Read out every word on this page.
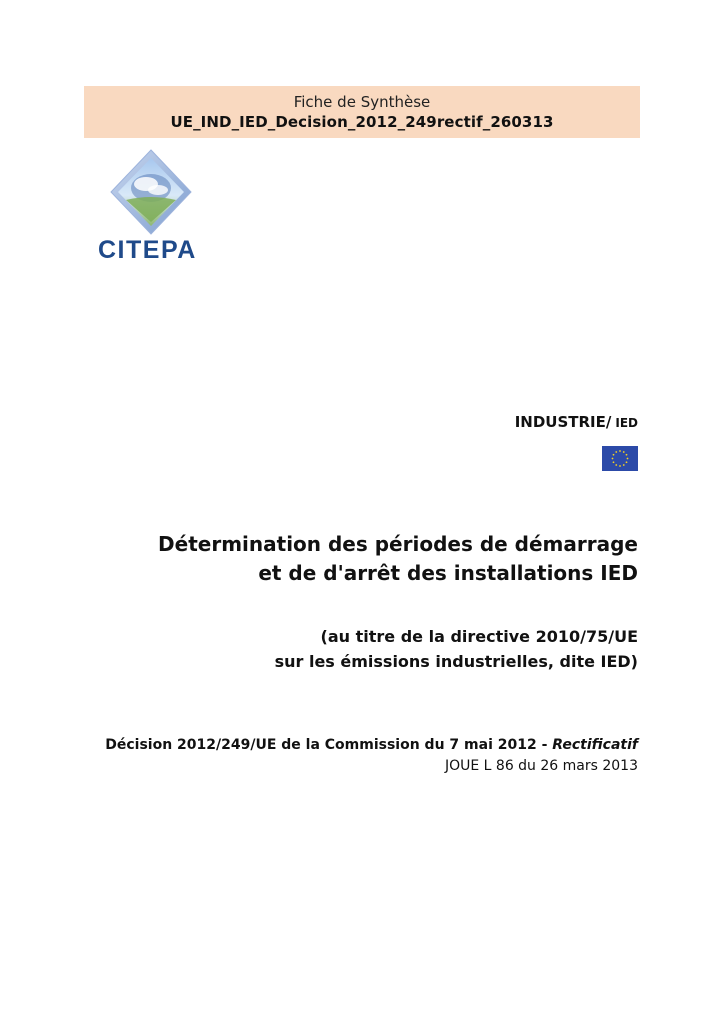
Fiche de Synthèse
UE_IND_IED_Decision_2012_249rectif_260313
CITEPA
INDUSTRIE/ IED
Détermination des périodes de démarrage
et de d'arrêt des installations IED
(au titre de la directive 2010/75/UE
sur les émissions industrielles, dite IED)
Décision 2012/249/UE de la Commission du 7 mai 2012 - Rectificatif
JOUE L 86 du 26 mars 2013
